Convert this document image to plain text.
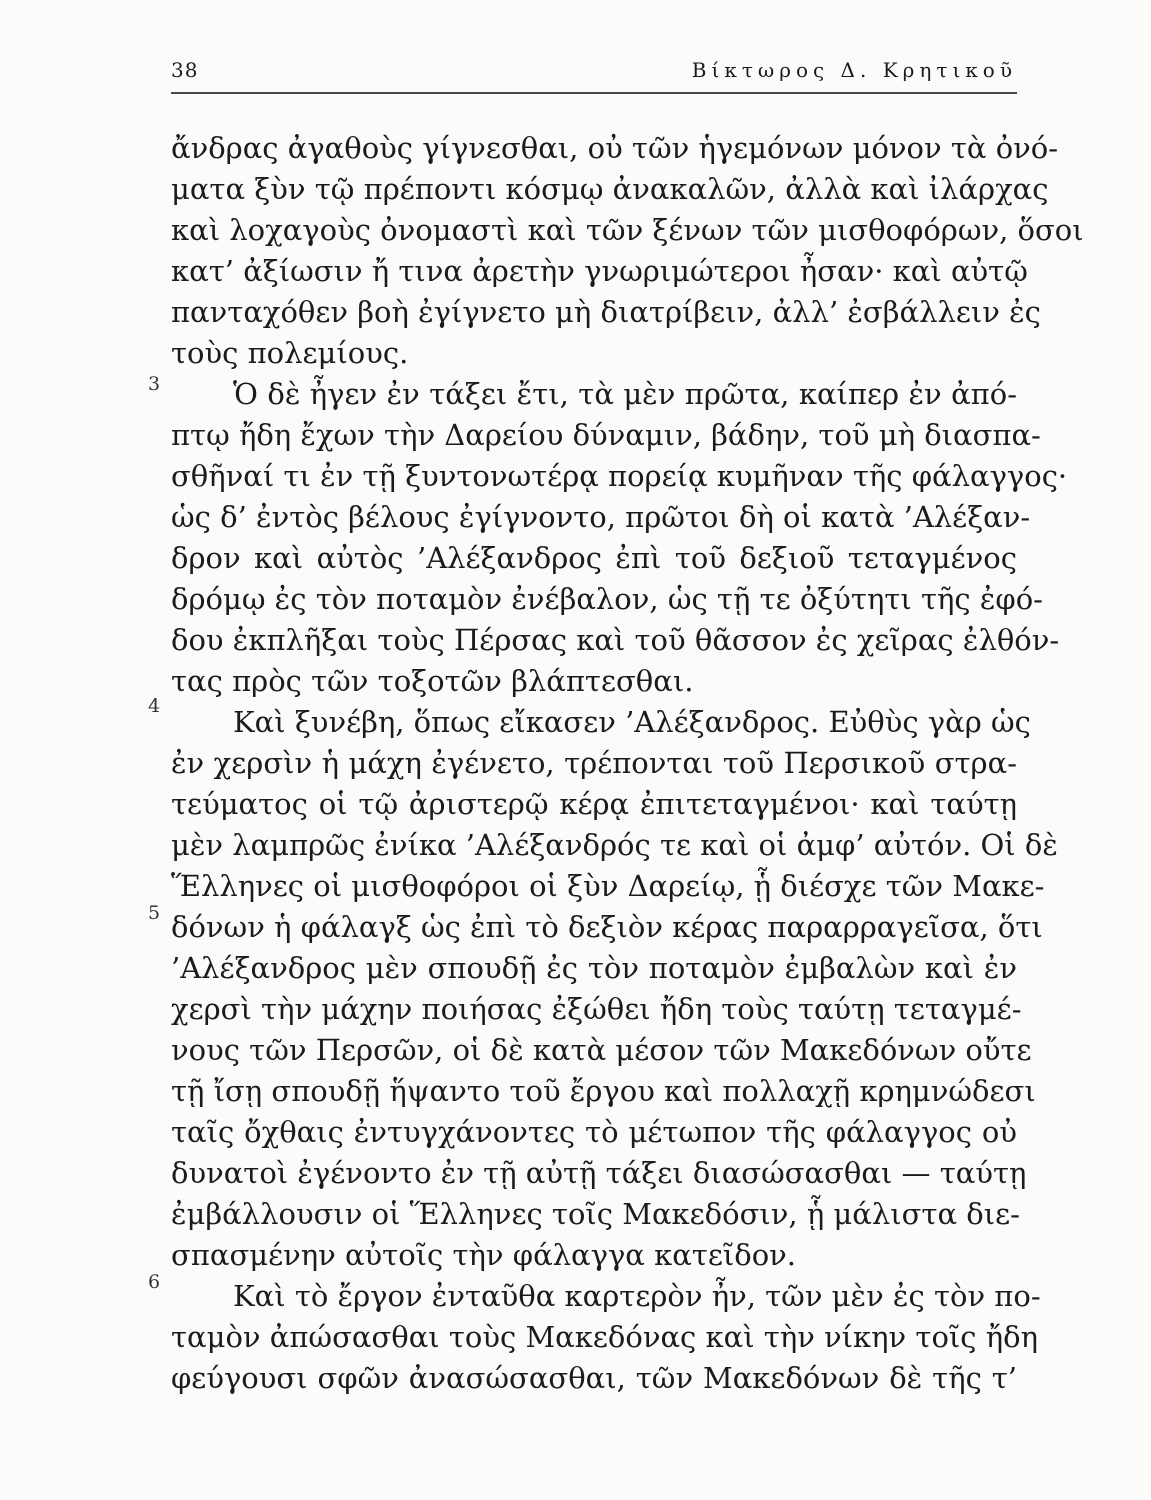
38	Βίκτωρος Δ. Κρητικοῦ
3
4
5
6
ἄνδρας ἀγαθοὺς γίγνεσθαι, οὐ τῶν ἡγεμόνων μόνον τὰ ὀνό-
ματα ξὺν τῷ πρέποντι κόσμῳ ἀνακαλῶν, ἀλλὰ καὶ ἰλάρχας
καὶ λοχαγοὺς ὀνομαστὶ καὶ τῶν ξένων τῶν μισθοφόρων, ὅσοι
κατ’ ἀξίωσιν ἤ τινα ἀρετὴν γνωριμώτεροι ἦσαν· καὶ αὐτῷ
πανταχόθεν βοὴ ἐγίγνετο μὴ διατρίβειν, ἀλλ’ ἐσβάλλειν ἐς
τοὺς πολεμίους.
Ὁ δὲ ἦγεν ἐν τάξει ἔτι, τὰ μὲν πρῶτα, καίπερ ἐν ἀπό-
πτῳ ἤδη ἔχων τὴν Δαρείου δύναμιν, βάδην, τοῦ μὴ διασπα-
σθῆναί τι ἐν τῇ ξυντονωτέρᾳ πορείᾳ κυμῆναν τῆς φάλαγγος·
ὡς δ’ ἐντὸς βέλους ἐγίγνοντο, πρῶτοι δὴ οἱ κατὰ ’Αλέξαν-
δρον καὶ αὐτὸς ’Αλέξανδρος ἐπὶ τοῦ δεξιοῦ τεταγμένος
δρόμῳ ἐς τὸν ποταμὸν ἐνέβαλον, ὡς τῇ τε ὀξύτητι τῆς ἐφό-
δου ἐκπλῆξαι τοὺς Πέρσας καὶ τοῦ θᾶσσον ἐς χεῖρας ἐλθόν-
τας πρὸς τῶν τοξοτῶν βλάπτεσθαι.
Καὶ ξυνέβη, ὅπως εἴκασεν ’Αλέξανδρος. Εὐθὺς γὰρ ὡς
ἐν χερσὶν ἡ μάχη ἐγένετο, τρέπονται τοῦ Περσικοῦ στρα-
τεύματος οἱ τῷ ἀριστερῷ κέρᾳ ἐπιτεταγμένοι· καὶ ταύτῃ
μὲν λαμπρῶς ἐνίκα ’Αλέξανδρός τε καὶ οἱ ἀμφ’ αὐτόν. Οἱ δὲ
Ἕλληνες οἱ μισθοφόροι οἱ ξὺν Δαρείῳ, ᾗ διέσχε τῶν Μακε-
δόνων ἡ φάλαγξ ὡς ἐπὶ τὸ δεξιὸν κέρας παραρραγεῖσα, ὅτι
’Αλέξανδρος μὲν σπουδῇ ἐς τὸν ποταμὸν ἐμβαλὼν καὶ ἐν
χερσὶ τὴν μάχην ποιήσας ἐξώθει ἤδη τοὺς ταύτῃ τεταγμέ-
νους τῶν Περσῶν, οἱ δὲ κατὰ μέσον τῶν Μακεδόνων οὔτε
τῇ ἴσῃ σπουδῇ ἥψαντο τοῦ ἔργου καὶ πολλαχῇ κρημνώδεσι
ταῖς ὄχθαις ἐντυγχάνοντες τὸ μέτωπον τῆς φάλαγγος οὐ
δυνατοὶ ἐγένοντο ἐν τῇ αὐτῇ τάξει διασώσασθαι — ταύτῃ
ἐμβάλλουσιν οἱ Ἕλληνες τοῖς Μακεδόσιν, ᾗ μάλιστα διε-
σπασμένην αὐτοῖς τὴν φάλαγγα κατεῖδον.
Καὶ τὸ ἔργον ἐνταῦθα καρτερὸν ἦν, τῶν μὲν ἐς τὸν πο-
ταμὸν ἀπώσασθαι τοὺς Μακεδόνας καὶ τὴν νίκην τοῖς ἤδη
φεύγουσι σφῶν ἀνασώσασθαι, τῶν Μακεδόνων δὲ τῆς τ’
